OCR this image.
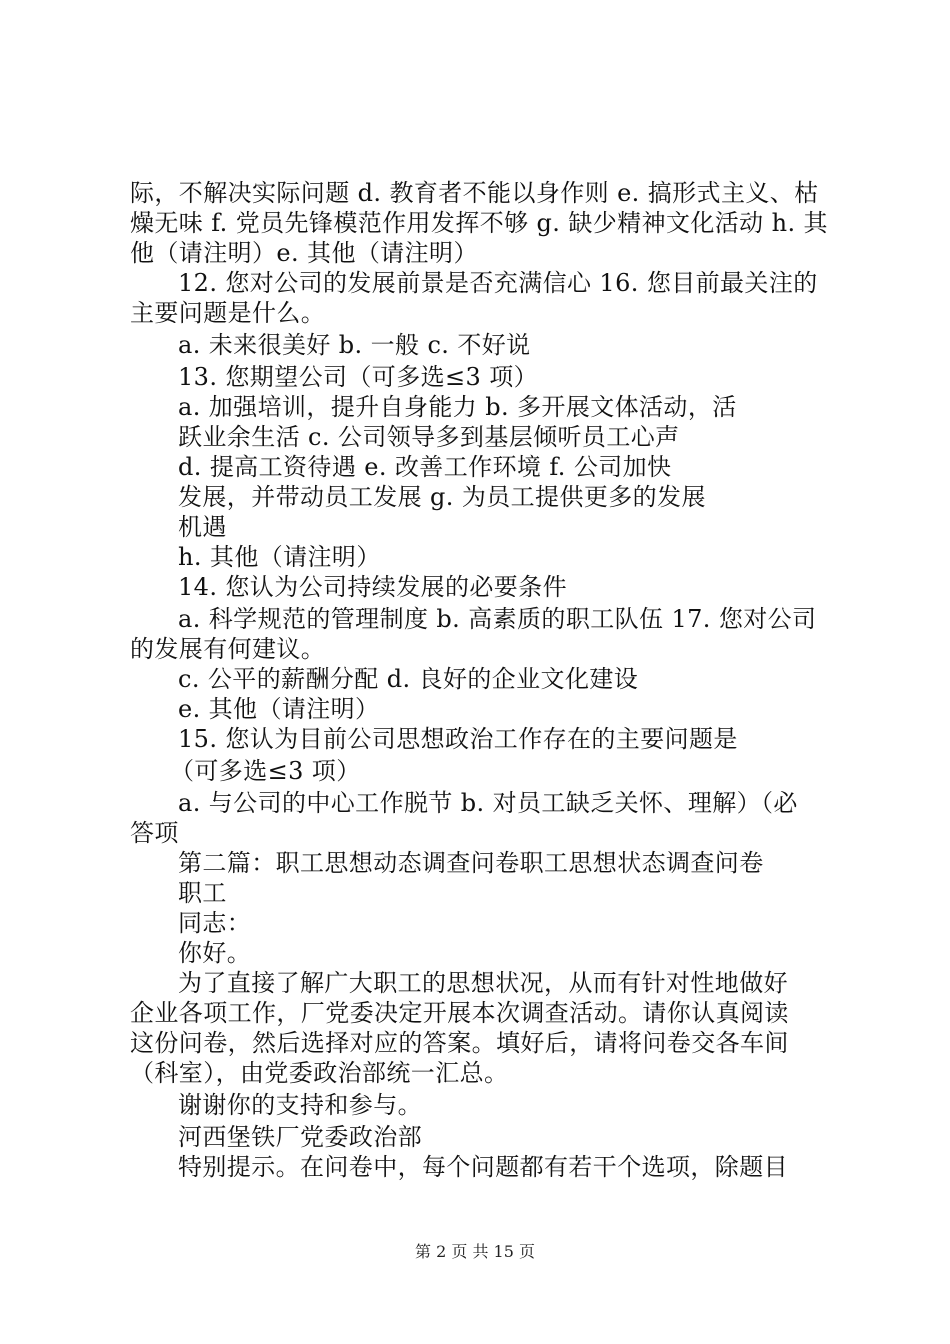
际，不解决实际问题 d. 教育者不能以身作则 e. 搞形式主义、枯
燥无味 f. 党员先锋模范作用发挥不够 g. 缺少精神文化活动 h. 其
他（请注明）e. 其他（请注明）
12. 您对公司的发展前景是否充满信心 16. 您目前最关注的
主要问题是什么。
a. 未来很美好 b. 一般 c. 不好说
13. 您期望公司（可多选≤3 项）
a. 加强培训，提升自身能力 b. 多开展文体活动，活
跃业余生活 c. 公司领导多到基层倾听员工心声
d. 提高工资待遇 e. 改善工作环境 f. 公司加快
发展，并带动员工发展 g. 为员工提供更多的发展
机遇
h. 其他（请注明）
14. 您认为公司持续发展的必要条件
a. 科学规范的管理制度 b. 高素质的职工队伍 17. 您对公司
的发展有何建议。
c. 公平的薪酬分配 d. 良好的企业文化建设
e. 其他（请注明）
15. 您认为目前公司思想政治工作存在的主要问题是
（可多选≤3 项）
a. 与公司的中心工作脱节 b. 对员工缺乏关怀、理解）（必
答项
第二篇：职工思想动态调查问卷职工思想状态调查问卷
职工
同志：
你好。
为了直接了解广大职工的思想状况，从而有针对性地做好
企业各项工作，厂党委决定开展本次调查活动。请你认真阅读
这份问卷，然后选择对应的答案。填好后，请将问卷交各车间
（科室），由党委政治部统一汇总。
谢谢你的支持和参与。
河西堡铁厂党委政治部
特别提示。在问卷中，每个问题都有若干个选项，除题目
第 2 页 共 15 页
